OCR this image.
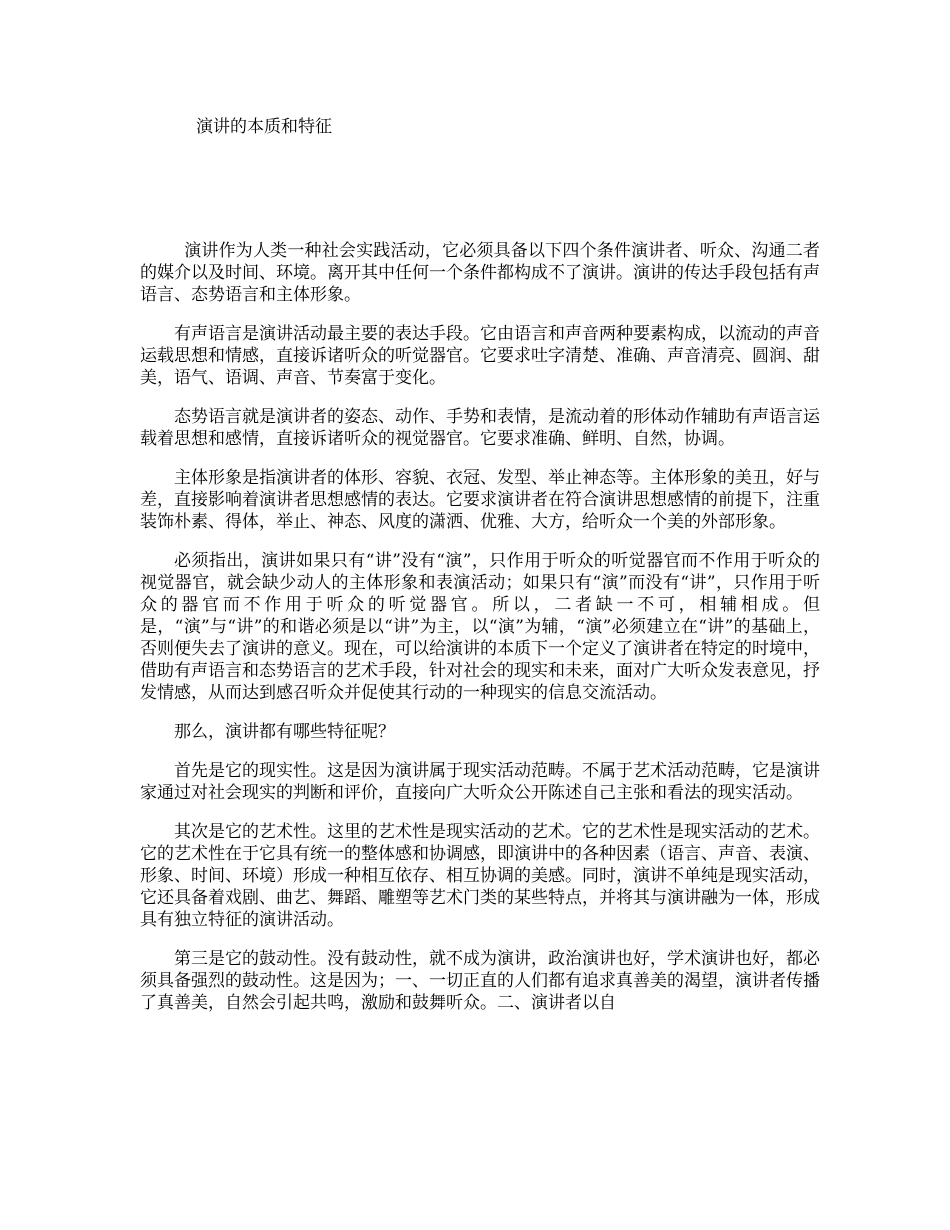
演讲的本质和特征

演讲作为人类一种社会实践活动，它必须具备以下四个条件演讲者、听众、沟通二者的媒介以及时间、环境。离开其中任何一个条件都构成不了演讲。演讲的传达手段包括有声语言、态势语言和主体形象。

有声语言是演讲活动最主要的表达手段。它由语言和声音两种要素构成，以流动的声音运载思想和情感，直接诉诸听众的听觉器官。它要求吐字清楚、准确、声音清亮、圆润、甜美，语气、语调、声音、节奏富于变化。

态势语言就是演讲者的姿态、动作、手势和表情，是流动着的形体动作辅助有声语言运载着思想和感情，直接诉诸听众的视觉器官。它要求准确、鲜明、自然，协调。

主体形象是指演讲者的体形、容貌、衣冠、发型、举止神态等。主体形象的美丑，好与差，直接影响着演讲者思想感情的表达。它要求演讲者在符合演讲思想感情的前提下，注重装饰朴素、得体，举止、神态、风度的潇洒、优雅、大方，给听众一个美的外部形象。

必须指出，演讲如果只有“讲”没有“演”，只作用于听众的听觉器官而不作用于听众的视觉器官，就会缺少动人的主体形象和表演活动；如果只有“演”而没有“讲”，只作用于听众的器官而不作用于听众的听觉器官。所以，二者缺一不可，相辅相成。但是，“演”与“讲”的和谐必须是以“讲”为主，以“演”为辅，“演”必须建立在“讲”的基础上，否则便失去了演讲的意义。现在，可以给演讲的本质下一个定义了演讲者在特定的时境中，借助有声语言和态势语言的艺术手段，针对社会的现实和未来，面对广大听众发表意见，抒发情感，从而达到感召听众并促使其行动的一种现实的信息交流活动。

那么，演讲都有哪些特征呢？

首先是它的现实性。这是因为演讲属于现实活动范畴。不属于艺术活动范畴，它是演讲家通过对社会现实的判断和评价，直接向广大听众公开陈述自己主张和看法的现实活动。

其次是它的艺术性。这里的艺术性是现实活动的艺术。它的艺术性是现实活动的艺术。它的艺术性在于它具有统一的整体感和协调感，即演讲中的各种因素（语言、声音、表演、形象、时间、环境）形成一种相互依存、相互协调的美感。同时，演讲不单纯是现实活动，它还具备着戏剧、曲艺、舞蹈、雕塑等艺术门类的某些特点，并将其与演讲融为一体，形成具有独立特征的演讲活动。

第三是它的鼓动性。没有鼓动性，就不成为演讲，政治演讲也好，学术演讲也好，都必须具备强烈的鼓动性。这是因为；一、一切正直的人们都有追求真善美的渴望，演讲者传播了真善美，自然会引起共鸣，激励和鼓舞听众。二、演讲者以自
